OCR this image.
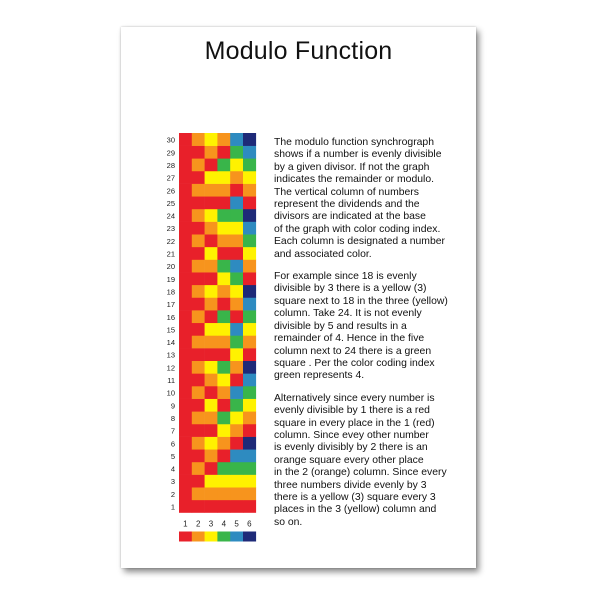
Modulo Function
1
2
3
4
5
6
7
8
9
10
11
12
13
14
15
16
17
18
19
20
21
22
23
24
25
26
27
28
29
30
1 2 3 4 5 6

The modulo function synchrograph
shows if a number is evenly divisible
by a given divisor. If not the graph
indicates the remainder or modulo.
The vertical column of numbers
represent the dividends and the
divisors are indicated at the base
of the graph with color coding index.
Each column is designated a number
and associated color.

For example since 18 is evenly
divisible by 3 there is a yellow (3)
square next to 18 in the three (yellow)
column. Take 24. It is not evenly
divisible by 5 and results in a
remainder of 4. Hence in the five
column next to 24 there is a green
square . Per the color coding index
green represents 4.

Alternatively since every number is
evenly divisible by 1 there is a red
square in every place in the 1 (red)
column. Since evey other number
is evenly divisibly by 2 there is an
orange square every other place
in the 2 (orange) column. Since every
three numbers divide evenly by 3
there is a yellow (3) square every 3
places in the 3 (yellow) column and
so on.
